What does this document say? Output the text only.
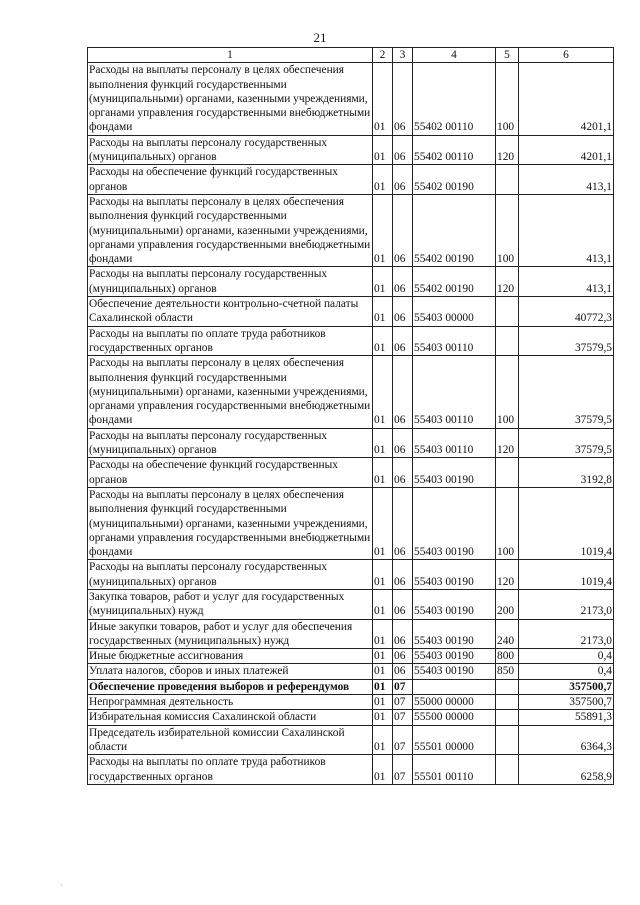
21
1	2	3	4	5	6
Расходы на выплаты персоналу в целях обеспечения выполнения функций государственными (муниципальными) органами, казенными учреждениями, органами управления государственными внебюджетными фондами	01	06	55402 00110	100	4201,1
Расходы на выплаты персоналу государственных (муниципальных) органов	01	06	55402 00110	120	4201,1
Расходы на обеспечение функций государственных органов	01	06	55402 00190		413,1
Расходы на выплаты персоналу в целях обеспечения выполнения функций государственными (муниципальными) органами, казенными учреждениями, органами управления государственными внебюджетными фондами	01	06	55402 00190	100	413,1
Расходы на выплаты персоналу государственных (муниципальных) органов	01	06	55402 00190	120	413,1
Обеспечение деятельности контрольно-счетной палаты Сахалинской области	01	06	55403 00000		40772,3
Расходы на выплаты по оплате труда работников государственных органов	01	06	55403 00110		37579,5
Расходы на выплаты персоналу в целях обеспечения выполнения функций государственными (муниципальными) органами, казенными учреждениями, органами управления государственными внебюджетными фондами	01	06	55403 00110	100	37579,5
Расходы на выплаты персоналу государственных (муниципальных) органов	01	06	55403 00110	120	37579,5
Расходы на обеспечение функций государственных органов	01	06	55403 00190		3192,8
Расходы на выплаты персоналу в целях обеспечения выполнения функций государственными (муниципальными) органами, казенными учреждениями, органами управления государственными внебюджетными фондами	01	06	55403 00190	100	1019,4
Расходы на выплаты персоналу государственных (муниципальных) органов	01	06	55403 00190	120	1019,4
Закупка товаров, работ и услуг для государственных (муниципальных) нужд	01	06	55403 00190	200	2173,0
Иные закупки товаров, работ и услуг для обеспечения государственных (муниципальных) нужд	01	06	55403 00190	240	2173,0
Иные бюджетные ассигнования	01	06	55403 00190	800	0,4
Уплата налогов, сборов и иных платежей	01	06	55403 00190	850	0,4
Обеспечение проведения выборов и референдумов	01	07			357500,7
Непрограммная деятельность	01	07	55000 00000		357500,7
Избирательная комиссия Сахалинской области	01	07	55500 00000		55891,3
Председатель избирательной комиссии Сахалинской области	01	07	55501 00000		6364,3
Расходы на выплаты по оплате труда работников государственных органов	01	07	55501 00110		6258,9
·
